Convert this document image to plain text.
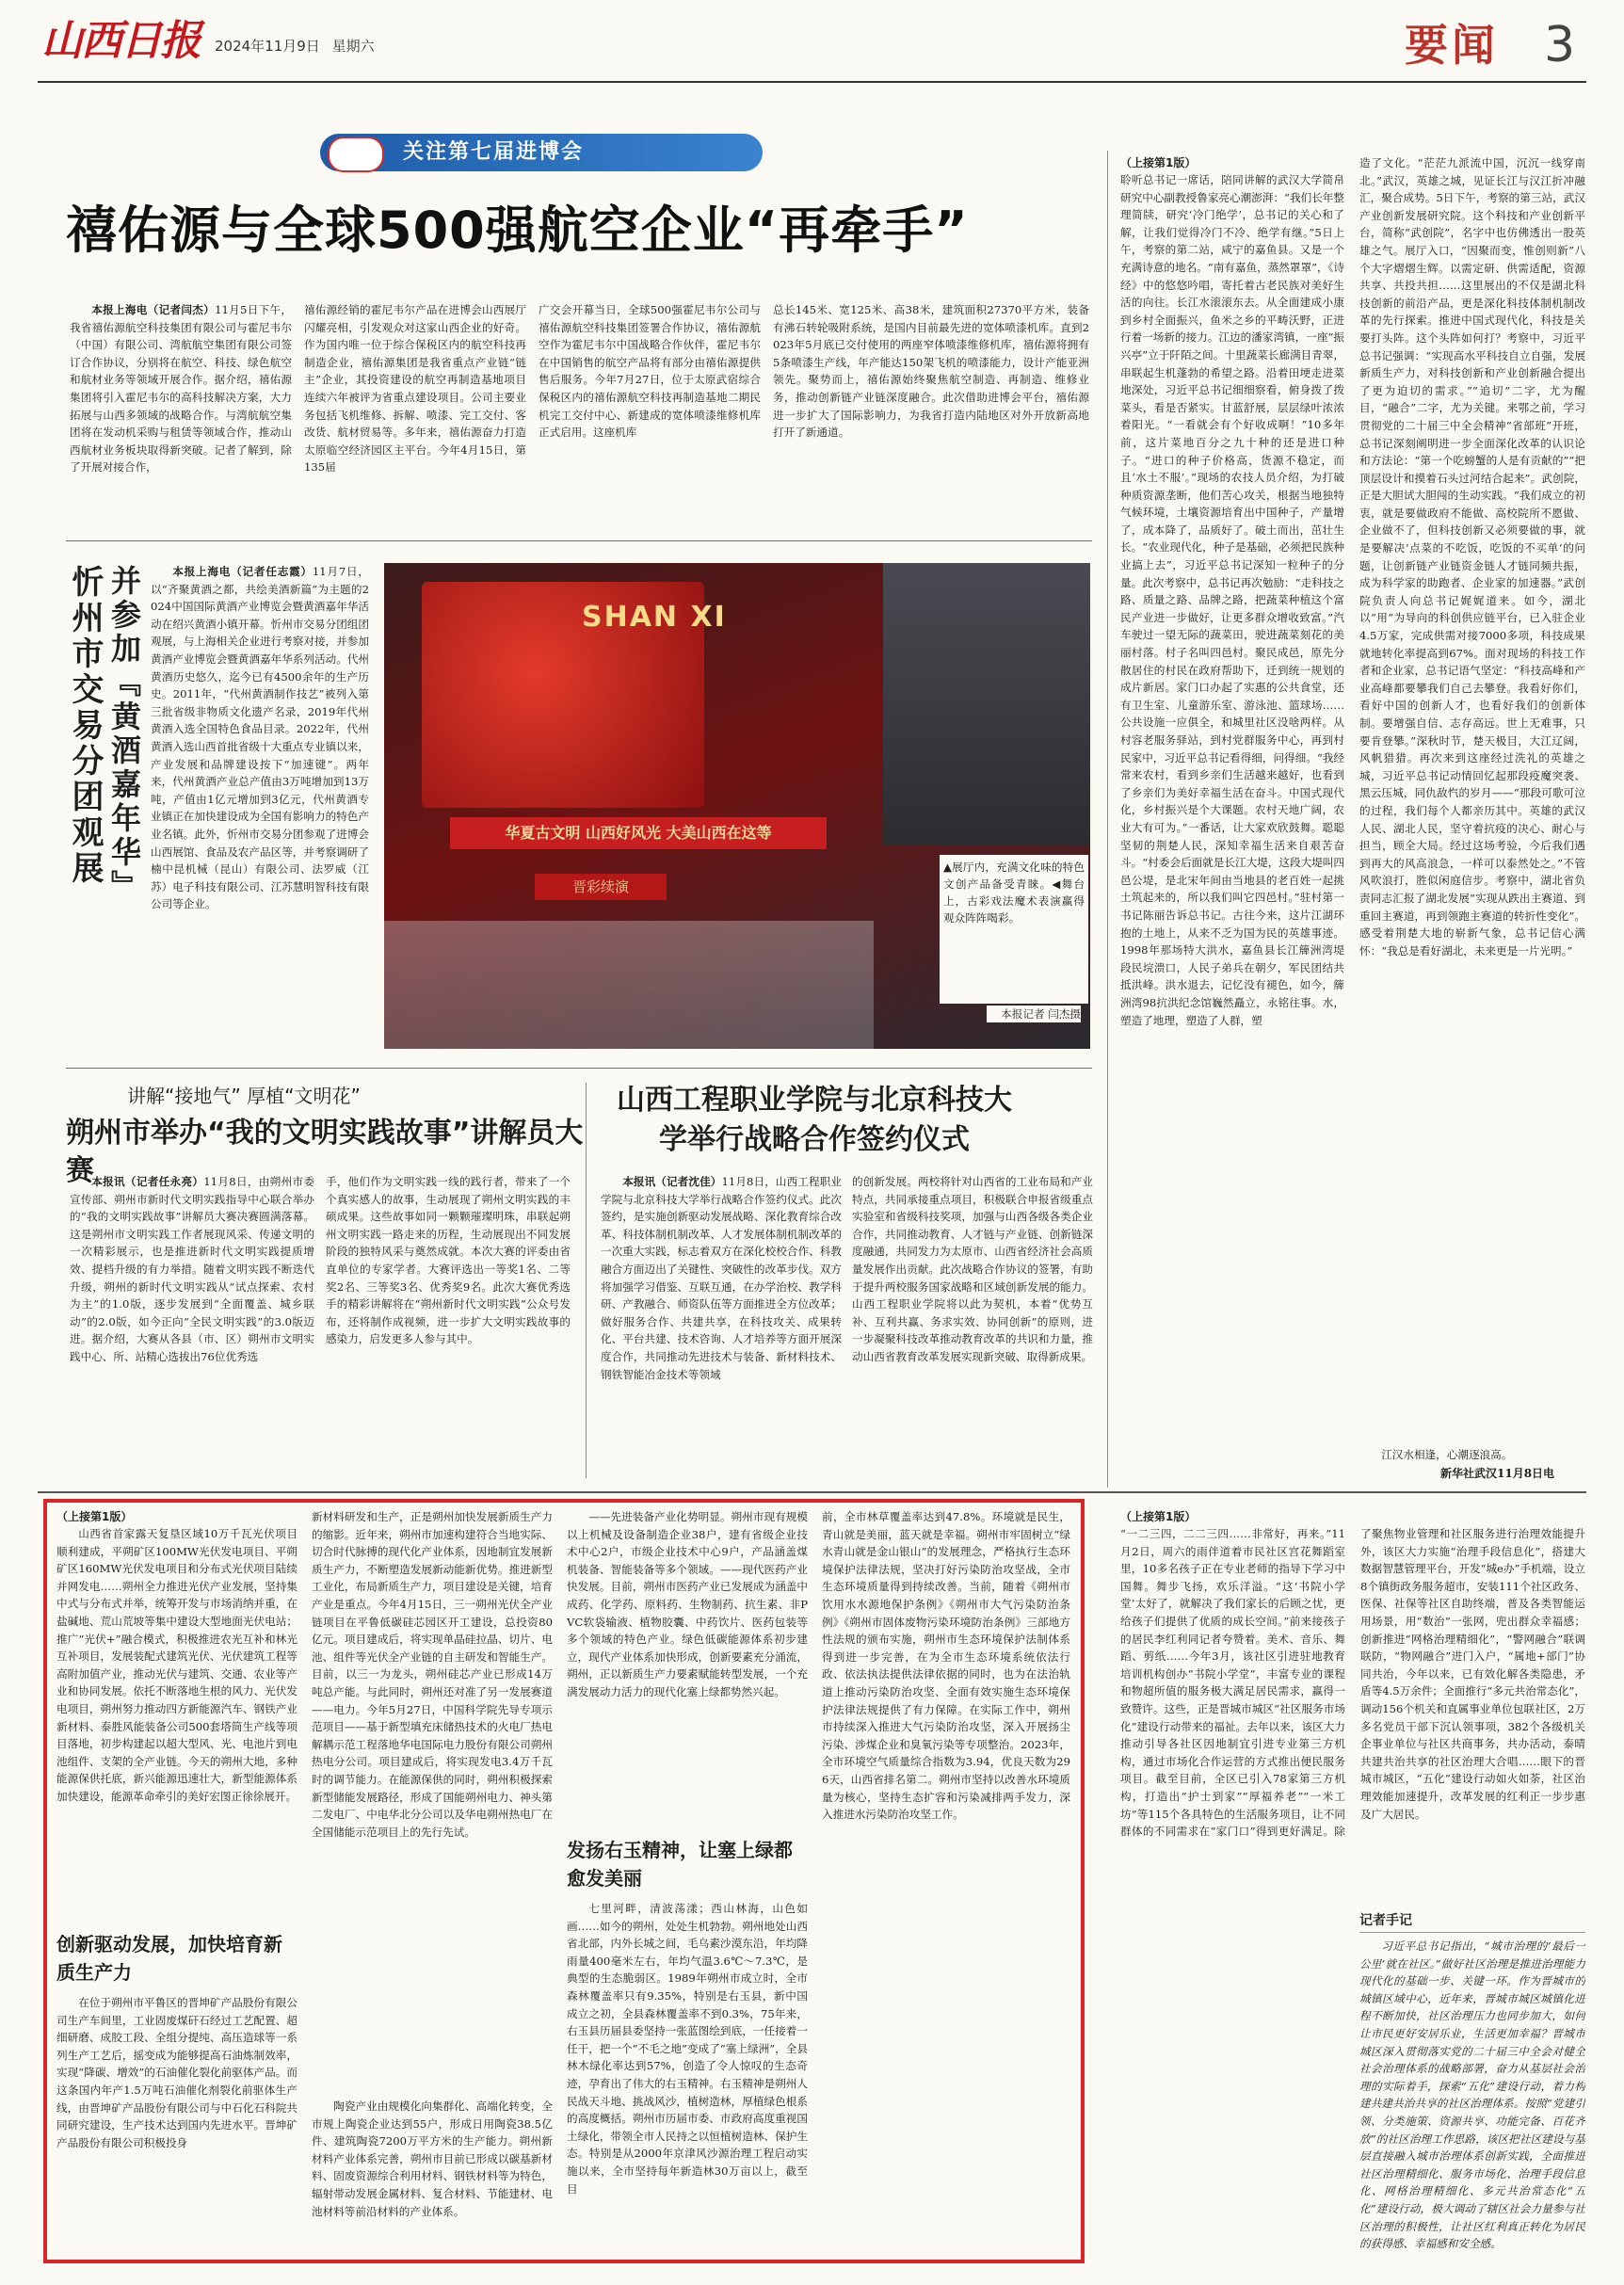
山西日报 2024年11月9日 星期六	要闻 3
关注第七届进博会
禧佑源与全球500强航空企业“再牵手”

本报上海电（记者闫杰）11月5日下午，我省禧佑源航空科技集团有限公司与霍尼韦尔（中国）有限公司、湾航航空集团有限公司签订合作协议，分别将在航空、科技、绿色航空和航材业务等领域开展合作。据介绍，禧佑源集团将引入霍尼韦尔的高科技解决方案，大力拓展与山西多领域的战略合作。与湾航航空集团将在发动机采购与租赁等领域合作，推动山西航材业务板块取得新突破。记者了解到，除了开展对接合作，

禧佑源经销的霍尼韦尔产品在进博会山西展厅闪耀亮相，引发观众对这家山西企业的好奇。作为国内唯一位于综合保税区内的航空科技再制造企业，禧佑源集团是我省重点产业链“链主”企业，其投资建设的航空再制造基地项目连续六年被评为省重点建设项目。公司主要业务包括飞机维修、拆解、喷漆、完工交付、客改货、航材贸易等。多年来，禧佑源奋力打造太原临空经济园区主平台。今年4月15日，第135届

广交会开幕当日，全球500强霍尼韦尔公司与禧佑源航空科技集团签署合作协议，禧佑源航空作为霍尼韦尔中国战略合作伙伴，霍尼韦尔在中国销售的航空产品将有部分由禧佑源提供售后服务。今年7月27日，位于太原武宿综合保税区内的禧佑源航空科技再制造基地二期民机完工交付中心、新建成的宽体喷漆维修机库正式启用。这座机库

总长145米、宽125米、高38米，建筑面积27370平方米，装备有沸石转轮吸附系统，是国内目前最先进的宽体喷漆机库。直到2023年5月底已交付使用的两座窄体喷漆维修机库，禧佑源将拥有5条喷漆生产线，年产能达150架飞机的喷漆能力，设计产能亚洲领先。聚势而上，禧佑源始终聚焦航空制造、再制造、维修业务，推动创新链产业链深度融合。此次借助进博会平台，禧佑源进一步扩大了国际影响力，为我省打造内陆地区对外开放新高地打开了新通道。

忻州市交易分团观展 并参加『黄酒嘉年华』	本报上海电（记者任志霞）11月7日，以“齐聚黄酒之都，共绘美酒新篇”为主题的2024中国国际黄酒产业博览会暨黄酒嘉年华活动在绍兴黄酒小镇开幕。忻州市交易分团组团观展，与上海相关企业进行考察对接，并参加黄酒产业博览会暨黄酒嘉年华系列活动。代州黄酒历史悠久，迄今已有4500余年的生产历史。2011年，“代州黄酒制作技艺”被列入第三批省级非物质文化遗产名录，2019年代州黄酒入选全国特色食品目录。2022年，代州黄酒入选山西首批省级十大重点专业镇以来，产业发展和品牌建设按下“加速键”。两年来，代州黄酒产业总产值由3万吨增加到13万吨，产值由1亿元增加到3亿元，代州黄酒专业镇正在加快建设成为全国有影响力的特色产业名镇。此外，忻州市交易分团参观了进博会山西展馆、食品及农产品区等，并考察调研了楠中昆机械（昆山）有限公司、法罗威（江苏）电子科技有限公司、江苏慧明智科技有限公司等企业。

SHAN XI
华夏古文明 山西好风光 大美山西在这等
晋彩续演
▲展厅内，充满文化味的特色文创产品备受青睐。◀舞台上，古彩戏法魔术表演赢得观众阵阵喝彩。
本报记者 闫杰摄
讲解“接地气” 厚植“文明花”
朔州市举办“我的文明实践故事”讲解员大赛

本报讯（记者任永亮）11月8日，由朔州市委宣传部、朔州市新时代文明实践指导中心联合举办的“我的文明实践故事”讲解员大赛决赛圆满落幕。这是朔州市文明实践工作者展现风采、传递文明的一次精彩展示，也是推进新时代文明实践提质增效、提档升级的有力举措。随着文明实践不断迭代升级，朔州的新时代文明实践从“试点探索、农村为主”的1.0版，逐步发展到“全面覆盖、城乡联动”的2.0版，如今正向“全民文明实践”的3.0版迈进。据介绍，大赛从各县（市、区）朔州市文明实践中心、所、站精心选拔出76位优秀选

手，他们作为文明实践一线的践行者，带来了一个个真实感人的故事，生动展现了朔州文明实践的丰硕成果。这些故事如同一颗颗璀璨明珠，串联起朔州文明实践一路走来的历程，生动展现出不同发展阶段的独特风采与奠然成就。本次大赛的评委由省直单位的专家学者。大赛评选出一等奖1名、二等奖2名、三等奖3名、优秀奖9名。此次大赛优秀选手的精彩讲解将在“朔州新时代文明实践”公众号发布，还将制作成视频，进一步扩大文明实践故事的感染力，启发更多人参与其中。

山西工程职业学院与北京科技大学举行战略合作签约仪式

本报讯（记者沈佳）11月8日，山西工程职业学院与北京科技大学举行战略合作签约仪式。此次签约，是实施创新驱动发展战略、深化教育综合改革、科技体制机制改革、人才发展体制机制改革的一次重大实践，标志着双方在深化校校合作、科教融合方面迈出了关键性、突破性的改革步伐。双方将加强学习借鉴、互联互通，在办学治校、教学科研、产教融合、师资队伍等方面推进全方位改革；做好服务合作、共建共享，在科技攻关、成果转化、平台共建、技术咨询、人才培养等方面开展深度合作，共同推动先进技术与装备、新材料技术、钢铁智能冶金技术等领域

的创新发展。两校将针对山西省的工业布局和产业特点，共同承接重点项目，积极联合申报省级重点实验室和省级科技奖项，加强与山西各级各类企业合作，共同推动教育、人才链与产业链、创新链深度融通，共同发力为太原市、山西省经济社会高质量发展作出贡献。此次战略合作协议的签署，有助于提升两校服务国家战略和区域创新发展的能力。山西工程职业学院将以此为契机，本着“优势互补、互利共赢、务求实效、协同创新”的原则，进一步凝聚科技改革推动教育改革的共识和力量，推动山西省教育改革发展实现新突破、取得新成果。

（上接第1版）

聆听总书记一席话，陪同讲解的武汉大学简帛研究中心副教授鲁家亮心潮澎湃：“我们长年整理简牍，研究‘冷门绝学’，总书记的关心和了解，让我们觉得冷门不冷、绝学有继。”5日上午，考察的第二站，咸宁的嘉鱼县。又是一个充满诗意的地名。“南有嘉鱼，蒸然罩罩”，《诗经》中的悠悠吟唱，寄托着古老民族对美好生活的向往。长江水滚滚东去。从全面建成小康到乡村全面振兴，鱼米之乡的平畴沃野，正进行着一场新的接力。江边的潘家湾镇，一座“振兴亭”立于阡陌之间。十里蔬菜长廊满目青翠，串联起生机蓬勃的希望之路。沿着田埂走进菜地深处，习近平总书记细细察看，俯身拨了拨菜头，看是否紧实。甘蓝舒展，层层绿叶浓浓着阳光。“一看就会有个好收成啊！”10多年前，这片菜地百分之九十种的还是进口种子。“进口的种子价格高，货源不稳定，而且‘水土不服’。”现场的农技人员介绍，为打破种质资源垄断，他们苦心攻关，根据当地独特气候环境，土壤资源培育出中国种子，产量增了，成本降了，品质好了。破土而出，茁壮生长。“农业现代化，种子是基础，必须把民族种业搞上去”，习近平总书记深知一粒种子的分量。此次考察中，总书记再次勉励：“走科技之路、质量之路、品牌之路，把蔬菜种植这个富民产业进一步做好，让更多群众增收致富。”汽车驶过一望无际的蔬菜田，驶进蔬菜刻花的美丽村落。村子名叫四邑村。聚民成邑，原先分散居住的村民在政府帮助下，迁到统一规划的成片新居。家门口办起了实惠的公共食堂，还有卫生室、儿童游乐室、游泳池、篮球场……公共设施一应俱全，和城里社区没啥两样。从村容老服务驿站，到村党群服务中心，再到村民家中，习近平总书记看得细，问得细。“我经常来农村，看到乡亲们生活越来越好，也看到了乡亲们为美好幸福生活在奋斗。中国式现代化，乡村振兴是个大课题。农村天地广阔，农业大有可为。”一番话，让大家欢欣鼓舞。聪聪坚韧的荆楚人民，深知幸福生活来自艰苦奋斗。“村委会后面就是长江大堤，这段大堤叫四邑公堤，是北宋年间由当地县的老百姓一起挑土筑起来的，所以我们叫它四邑村。”驻村第一书记陈丽告诉总书记。古往今来，这片江湖环抱的土地上，从来不乏为国为民的英雄事迹。1998年那场特大洪水，嘉鱼县长江簰洲湾堤段民垸溃口，人民子弟兵在朝夕，军民团结共抵洪峰。洪水退去，记忆没有褪色，如今，簰洲湾98抗洪纪念馆巍然矗立，永铭往事。水，塑造了地理，塑造了人群，塑

造了文化。“茫茫九派流中国，沉沉一线穿南北。”武汉，英雄之城，见证长江与汉江折冲融汇，聚合成势。5日下午，考察的第三站，武汉产业创新发展研究院。这个科技和产业创新平台，简称“武创院”，名字中也仿佛透出一股英雄之气。展厅入口，“因聚而变，惟创则新”八个大字熠熠生辉。以需定研、供需适配，资源共享、共投共担……这里展出的不仅是湖北科技创新的前沿产品，更是深化科技体制机制改革的先行探索。推进中国式现代化，科技是关要打头阵。这个头阵如何打？考察中，习近平总书记强调：“实现高水平科技自立自强，发展新质生产力，对科技创新和产业创新融合提出了更为迫切的需求。”“追切”二字，尤为醒目，“融合”二字，尤为关键。来鄂之前，学习贯彻党的二十届三中全会精神“省部班”开班，总书记深刻阐明进一步全面深化改革的认识论和方法论：“第一个吃螃蟹的人是有贡献的”“把顶层设计和摸着石头过河结合起来”。武创院，正是大胆试大胆闯的生动实践。“我们成立的初衷，就是要做政府不能做、高校院所不愿做、企业做不了，但科技创新又必须要做的事，就是要解决‘点菜的不吃饭，吃饭的不买单’的问题，让创新链产业链资金链人才链同频共振，成为科学家的助跑者、企业家的加速器。”武创院负责人向总书记娓娓道来。如今，湖北以“用”为导向的科创供应链平台，已入驻企业4.5万家，完成供需对接7000多项，科技成果就地转化率提高到67%。面对现场的科技工作者和企业家，总书记语气坚定：“科技高峰和产业高峰都要攀我们自己去攀登。我看好你们，看好中国的创新人才，也看好我们的创新体制。要增强自信、志存高远。世上无难事，只要肯登攀。”深秋时节，楚天极目，大江辽阔，风帆猎猎。再次来到这座经过洗礼的英雄之城，习近平总书记动情回忆起那段疫魔突袭、黑云压城，同仇敌忾的岁月——“那段可歌可泣的过程，我们每个人都亲历其中。英雄的武汉人民、湖北人民，坚守着抗疫的决心、耐心与担当，顾全大局。经过这场考验，今后我们遇到再大的风高浪急，一样可以泰然处之。”不管风吹浪打，胜似闲庭信步。考察中，湖北省负责同志汇报了湖北发展“实现从跌出主赛道、到重回主赛道，再到领跑主赛道的转折性变化”。感受着荆楚大地的崭新气象，总书记信心满怀：“我总是看好湖北，未来更是一片光明。”

江汉水相逢，心潮逐浪高。

新华社武汉11月8日电
（上接第1版）

山西省首家露天复垦区域10万千瓦光伏项目顺利建成，平朔矿区100MW光伏发电项目、平朔矿区160MW光伏发电项目和分布式光伏项目陆续并网发电……朔州全力推进光伏产业发展，坚持集中式与分布式并举，统筹开发与市场消纳并重，在盐碱地、荒山荒坡等集中建设大型地面光伏电站；推广“光伏+”融合模式，积极推进农光互补和林光互补项目，发展装配式建筑光伏、光伏建筑工程等高附加值产业，推动光伏与建筑、交通、农业等产业和协同发展。依托不断落地生根的风力、光伏发电项目，朔州努力推动四方新能源汽车、钢铁产业新材料、泰胜风能装备公司500套塔筒生产线等项目落地，初步构建起以超大型风、光、电池片到电池组件、支架的全产业链。今天的朔州大地，多种能源保供托底，新兴能源迅速壮大，新型能源体系加快建设，能源革命牵引的美好宏图正徐徐展开。

创新驱动发展，加快培育新质生产力

在位于朔州市平鲁区的晋坤矿产品股份有限公司生产车间里，工业固废煤矸石经过工艺配置、超细研磨、成胶工段、全组分提纯、高压造球等一系列生产工艺后，摇变成为能够提高石油炼制效率，实现“降碳、增效”的石油催化裂化前驱体产品。而这条国内年产1.5万吨石油催化剂裂化前驱体生产线，由晋坤矿产品股份有限公司与中石化石科院共同研究建设，生产技术达到国内先进水平。晋坤矿产品股份有限公司积极投身

新材料研发和生产，正是朔州加快发展新质生产力的缩影。近年来，朔州市加速构建符合当地实际、切合时代脉搏的现代化产业体系，因地制宜发展新质生产力，不断塑造发展新动能新优势。推进新型工业化，布局新质生产力，项目建设是关键，培育产业是重点。今年4月15日，三一朔州光伏全产业链项目在平鲁低碳硅芯园区开工建设，总投资80亿元。项目建成后，将实现单晶硅拉晶、切片、电池、组件等光伏全产业链的自主研发和智能生产。目前，以三一为龙头，朔州硅芯产业已形成14万吨总产能。与此同时，朔州还对准了另一发展赛道——电力。今年5月27日，中国科学院先导专项示范项目——基于新型填充床储热技术的火电厂热电解耦示范工程落地华电国际电力股份有限公司朔州热电分公司。项目建成后，将实现发电3.4万千瓦时的调节能力。在能源保供的同时，朔州积极探索新型储能发展路径，形成了国能朔州电力、神头第二发电厂、中电华北分公司以及华电朔州热电厂在全国储能示范项目上的先行先试。

陶瓷产业由规模化向集群化、高端化转变，全市规上陶瓷企业达到55户，形成日用陶瓷38.5亿件、建筑陶瓷7200万平方米的生产能力。朔州新材料产业体系完善，朔州市目前已形成以碳基新材料、固废资源综合利用材料、钢铁材料等为特色，辐射带动发展金属材料、复合材料、节能建材、电池材料等前沿材料的产业体系。

——先进装备产业化势明显。朔州市现有规模以上机械及设备制造企业38户，建有省级企业技术中心2户，市级企业技术中心9户，产品涵盖煤机装备、智能装备等多个领域。——现代医药产业快发展。目前，朔州市医药产业已发展成为涵盖中成药、化学药、原料药、生物制药、抗生素、非PVC软袋输液、植物胶囊、中药饮片、医药包装等多个领域的特色产业。绿色低碳能源体系初步建立，现代产业体系加快形成，创新要素充分涌流，朔州，正以新质生产力要素赋能转型发展，一个充满发展动力活力的现代化塞上绿都势然兴起。

发扬右玉精神，让塞上绿都愈发美丽

七里河畔，清波荡漾；西山林海，山色如画……如今的朔州，处处生机勃勃。朔州地处山西省北部，内外长城之间，毛乌素沙漠东沿，年均降雨量400毫米左右，年均气温3.6℃～7.3℃，是典型的生态脆弱区。1989年朔州市成立时，全市森林覆盖率只有9.35%，特别是右玉县，新中国成立之初，全县森林覆盖率不到0.3%，75年来，右玉县历届县委坚持一张蓝图绘到底，一任接着一任干，把一个“不毛之地”变成了“塞上绿洲”，全县林木绿化率达到57%，创造了令人惊叹的生态奇迹，孕育出了伟大的右玉精神。右玉精神是朔州人民战天斗地、挑战风沙，植树造林，厚植绿色根系的高度概括。朔州市历届市委、市政府高度重视国土绿化，带领全市人民持之以恒植树造林、保护生态。特别是从2000年京津风沙源治理工程启动实施以来，全市坚持每年新造林30万亩以上，截至目

前，全市林草覆盖率达到47.8%。环境就是民生，青山就是美丽，蓝天就是幸福。朔州市牢固树立“绿水青山就是金山银山”的发展理念，严格执行生态环境保护法律法规，坚决打好污染防治攻坚战，全市生态环境质量得到持续改善。当前，随着《朔州市饮用水水源地保护条例》《朔州市大气污染防治条例》《朔州市固体废物污染环境防治条例》三部地方性法规的颁布实施，朔州市生态环境保护法制体系得到进一步完善，在为全市生态环境系统依法行政、依法执法提供法律依据的同时，也为在法治轨道上推动污染防治攻坚、全面有效实施生态环境保护法律法规提供了有力保障。在实际工作中，朔州市持续深入推进大气污染防治攻坚，深入开展扬尘污染、涉煤企业和臭氧污染等专项整治。2023年，全市环境空气质量综合指数为3.94，优良天数为296天，山西省排名第二。朔州市坚持以改善水环境质量为核心，坚持生态扩容和污染减排两手发力，深入推进水污染防治攻坚工作。

（上接第1版）

“一二三四，二二三四……非常好，再来。”11月2日，周六的雨伴道着市民社区宫花舞蹈室里，10多名孩子正在专业老师的指导下学习中国舞。舞步飞扬，欢乐洋溢。“这‘书院小学堂’太好了，就解决了我们家长的后顾之忧，更给孩子们提供了优质的成长空间。”前来接孩子的居民李红利同记者夸赞着。美术、音乐、舞蹈、剪纸……今年3月，该社区引进驻地教育培训机构创办“书院小学堂”，丰富专业的课程和物超所值的服务极大满足居民需求，赢得一致赞许。这些，正是晋城市城区“社区服务市场化”建设行动带来的福祉。去年以来，该区大力推动引导各社区因地制宜引进专业第三方机构，通过市场化合作运营的方式推出便民服务项目。截至目前，全区已引入78家第三方机构，打造出“护士到家”“厚福养老”“一米工坊”等115个各具特色的生活服务项目，让不同群体的不同需求在“家门口”得到更好满足。除了聚焦物业管理和社区服务进行治理效能提升外，该区大力实施“治理手段信息化”，搭建大数据智慧管理平台，开发“城e办”手机端，设立8个镇街政务服务超市，安装111个社区政务、医保、社保等社区自助终端，普及各类智能运用场景，用“数治”一张网，兜出群众幸福感；创新推进“网格治理精细化”，“警网融合”联调联防，“物网融合”进门入户，“属地+部门”协同共治，今年以来，已有效化解各类隐患，矛盾等4.5万余件；全面推行“多元共治常态化”，调动156个机关和直属事业单位包联社区，2万多名党员干部下沉认领事项，382个各级机关企事业单位与社区共商事务，共办活动，泰晴共建共治共享的社区治理大合唱……眼下的晋城市城区，“五化”建设行动如火如荼，社区治理效能加速提升，改革发展的红利正一步步惠及广大居民。

记者手记

习近平总书记指出，“城市治理的‘最后一公里’就在社区。”做好社区治理是推进治理能力现代化的基础一步、关键一环。作为晋城市的城镇区域中心，近年来，晋城市城区城镇化进程不断加快，社区治理压力也同步加大，如何让市民更好安居乐业，生活更加幸福？晋城市城区深入贯彻落实党的二十届三中全会对健全社会治理体系的战略部署，奋力从基层社会治理的实际着手，探索“五化”建设行动，着力构建共建共治共享的社区治理体系。按照“党建引领、分类施策、资源共享、功能完备、百花齐放”的社区治理工作思路，该区把社区建设与基层直接融入城市治理体系创新实践，全面推进社区治理精细化、服务市场化、治理手段信息化、网格治理精细化、多元共治常态化“五化”建设行动，极大调动了辖区社会力量参与社区治理的积极性，让社区红利真正转化为居民的获得感、幸福感和安全感。
